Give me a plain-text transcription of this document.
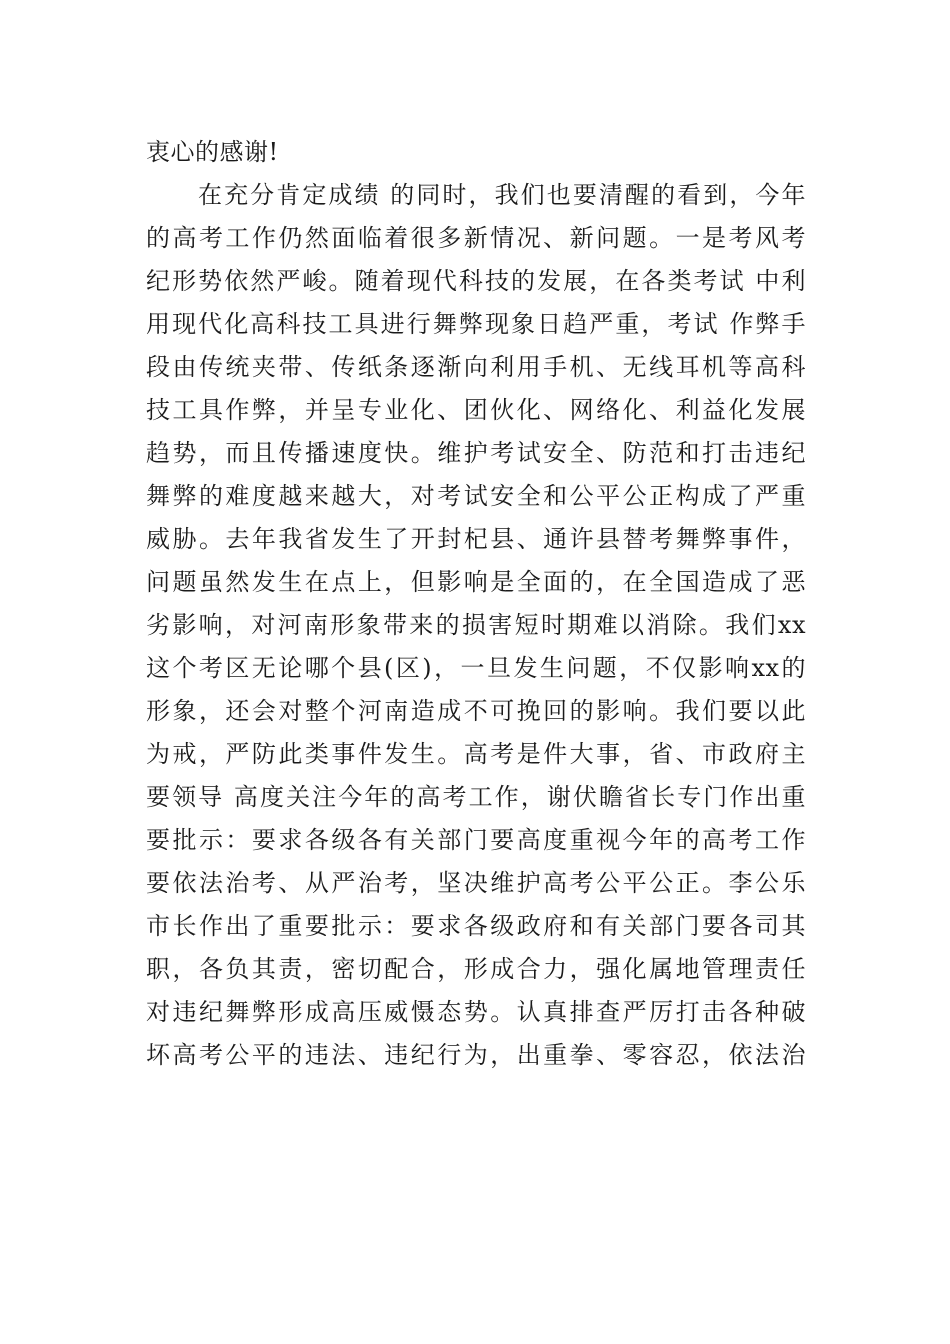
衷心的感谢!
在充分肯定成绩 的同时，我们也要清醒的看到，今年
的高考工作仍然面临着很多新情况、新问题。一是考风考
纪形势依然严峻。随着现代科技的发展，在各类考试 中利
用现代化高科技工具进行舞弊现象日趋严重，考试 作弊手
段由传统夹带、传纸条逐渐向利用手机、无线耳机等高科
技工具作弊，并呈专业化、团伙化、网络化、利益化发展
趋势，而且传播速度快。维护考试安全、防范和打击违纪
舞弊的难度越来越大，对考试安全和公平公正构成了严重
威胁。去年我省发生了开封杞县、通许县替考舞弊事件，
问题虽然发生在点上，但影响是全面的，在全国造成了恶
劣影响，对河南形象带来的损害短时期难以消除。我们xx
这个考区无论哪个县(区)，一旦发生问题，不仅影响xx的
形象，还会对整个河南造成不可挽回的影响。我们要以此
为戒，严防此类事件发生。高考是件大事，省、市政府主
要领导 高度关注今年的高考工作，谢伏瞻省长专门作出重
要批示：要求各级各有关部门要高度重视今年的高考工作
要依法治考、从严治考，坚决维护高考公平公正。李公乐
市长作出了重要批示：要求各级政府和有关部门要各司其
职，各负其责，密切配合，形成合力，强化属地管理责任
对违纪舞弊形成高压威慑态势。认真排查严厉打击各种破
坏高考公平的违法、违纪行为，出重拳、零容忍，依法治
